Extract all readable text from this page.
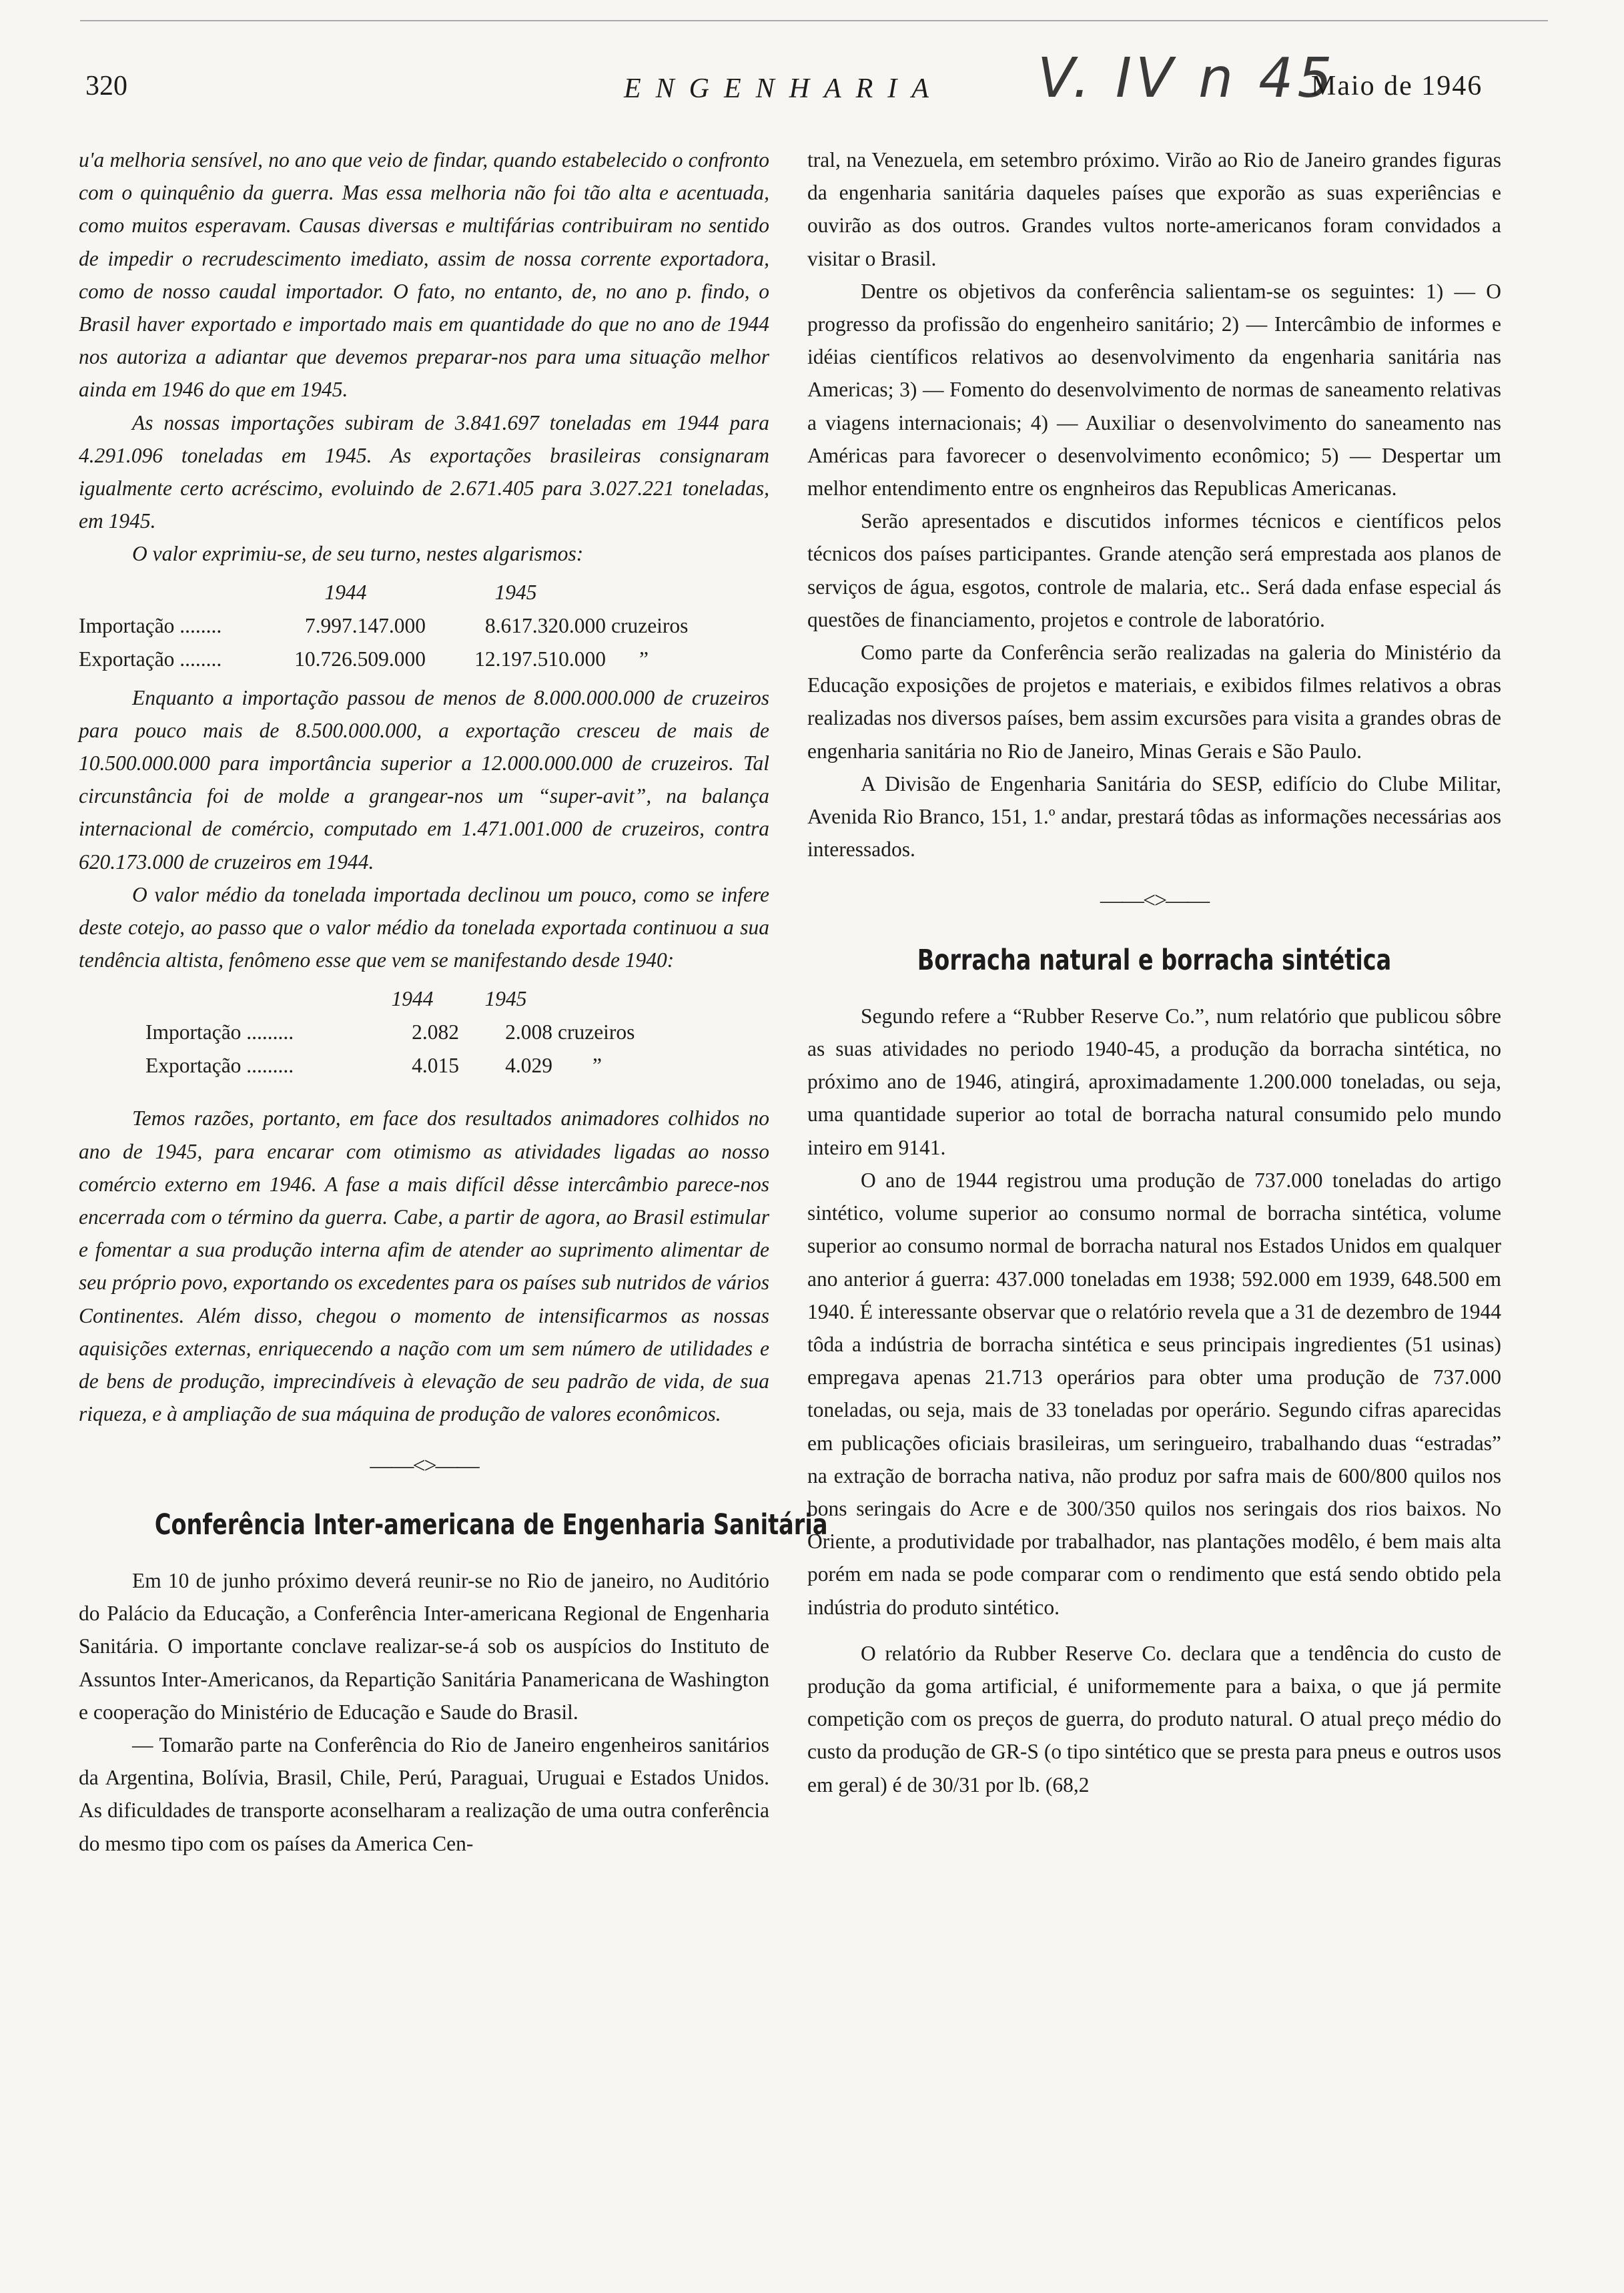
320	ENGENHARIA V. IV n 45
Maio de 1946

u'a melhoria sensível, no ano que veio de findar, quando estabelecido o confronto com o quinquênio da guerra. Mas essa melhoria não foi tão alta e acentuada, como muitos esperavam. Causas diversas e multifárias contribuiram no sentido de impedir o recrudescimento imediato, assim de nossa corrente exportadora, como de nosso caudal importador. O fato, no entanto, de, no ano p. findo, o Brasil haver exportado e importado mais em quantidade do que no ano de 1944 nos autoriza a adiantar que devemos preparar-nos para uma situação melhor ainda em 1946 do que em 1945.

As nossas importações subiram de 3.841.697 toneladas em 1944 para 4.291.096 toneladas em 1945. As exportações brasileiras consignaram igualmente certo acréscimo, evoluindo de 2.671.405 para 3.027.221 toneladas, em 1945.

O valor exprimiu-se, de seu turno, nestes algarismos:

	1944	1945	
Importação ........	7.997.147.000	8.617.320.000	cruzeiros
Exportação ........	10.726.509.000	12.197.510.000	”

Enquanto a importação passou de menos de 8.000.000.000 de cruzeiros para pouco mais de 8.500.000.000, a exportação cresceu de mais de 10.500.000.000 para importância superior a 12.000.000.000 de cruzeiros. Tal circunstância foi de molde a grangear-nos um “super-avit”, na balança internacional de comércio, computado em 1.471.001.000 de cruzeiros, contra 620.173.000 de cruzeiros em 1944.

O valor médio da tonelada importada declinou um pouco, como se infere deste cotejo, ao passo que o valor médio da tonelada exportada continuou a sua tendência altista, fenômeno esse que vem se manifestando desde 1940:

	1944	1945	
Importação .........	2.082	2.008	cruzeiros
Exportação .........	4.015	4.029	”

Temos razões, portanto, em face dos resultados animadores colhidos no ano de 1945, para encarar com otimismo as atividades ligadas ao nosso comércio externo em 1946. A fase a mais difícil dêsse intercâmbio parece-nos encerrada com o término da guerra. Cabe, a partir de agora, ao Brasil estimular e fomentar a sua produção interna afim de atender ao suprimento alimentar de seu próprio povo, exportando os excedentes para os países sub nutridos de vários Continentes. Além disso, chegou o momento de intensificarmos as nossas aquisições externas, enriquecendo a nação com um sem número de utilidades e de bens de produção, imprecindíveis à elevação de seu padrão de vida, de sua riqueza, e à ampliação de sua máquina de produção de valores econômicos.

——<>——
Conferência Inter-americana de Engenharia Sanitária

Em 10 de junho próximo deverá reunir-se no Rio de janeiro, no Auditório do Palácio da Educação, a Conferência Inter-americana Regional de Engenharia Sanitária. O importante conclave realizar-se-á sob os auspícios do Instituto de Assuntos Inter-Americanos, da Repartição Sanitária Panamericana de Washington e cooperação do Ministério de Educação e Saude do Brasil.

— Tomarão parte na Conferência do Rio de Janeiro engenheiros sanitários da Argentina, Bolívia, Brasil, Chile, Perú, Paraguai, Uruguai e Estados Unidos. As dificuldades de transporte aconselharam a realização de uma outra conferência do mesmo tipo com os países da America Cen-

tral, na Venezuela, em setembro próximo. Virão ao Rio de Janeiro grandes figuras da engenharia sanitária daqueles países que exporão as suas experiências e ouvirão as dos outros. Grandes vultos norte-americanos foram convidados a visitar o Brasil.

Dentre os objetivos da conferência salientam-se os seguintes: 1) — O progresso da profissão do engenheiro sanitário; 2) — Intercâmbio de informes e idéias científicos relativos ao desenvolvimento da engenharia sanitária nas Americas; 3) — Fomento do desenvolvimento de normas de saneamento relativas a viagens internacionais; 4) — Auxiliar o desenvolvimento do saneamento nas Américas para favorecer o desenvolvimento econômico; 5) — Despertar um melhor entendimento entre os engnheiros das Republicas Americanas.

Serão apresentados e discutidos informes técnicos e científicos pelos técnicos dos países participantes. Grande atenção será emprestada aos planos de serviços de água, esgotos, controle de malaria, etc.. Será dada enfase especial ás questões de financiamento, projetos e controle de laboratório.

Como parte da Conferência serão realizadas na galeria do Ministério da Educação exposições de projetos e materiais, e exibidos filmes relativos a obras realizadas nos diversos países, bem assim excursões para visita a grandes obras de engenharia sanitária no Rio de Janeiro, Minas Gerais e São Paulo.

A Divisão de Engenharia Sanitária do SESP, edifício do Clube Militar, Avenida Rio Branco, 151, 1.º andar, prestará tôdas as informações necessárias aos interessados.

——<>——
Borracha natural e borracha sintética

Segundo refere a “Rubber Reserve Co.”, num relatório que publicou sôbre as suas atividades no periodo 1940-45, a produção da borracha sintética, no próximo ano de 1946, atingirá, aproximadamente 1.200.000 toneladas, ou seja, uma quantidade superior ao total de borracha natural consumido pelo mundo inteiro em 9141.

O ano de 1944 registrou uma produção de 737.000 toneladas do artigo sintético, volume superior ao consumo normal de borracha sintética, volume superior ao consumo normal de borracha natural nos Estados Unidos em qualquer ano anterior á guerra: 437.000 toneladas em 1938; 592.000 em 1939, 648.500 em 1940. É interessante observar que o relatório revela que a 31 de dezembro de 1944 tôda a indústria de borracha sintética e seus principais ingredientes (51 usinas) empregava apenas 21.713 operários para obter uma produção de 737.000 toneladas, ou seja, mais de 33 toneladas por operário. Segundo cifras aparecidas em publicações oficiais brasileiras, um seringueiro, trabalhando duas “estradas” na extração de borracha nativa, não produz por safra mais de 600/800 quilos nos bons seringais do Acre e de 300/350 quilos nos seringais dos rios baixos. No Oriente, a produtividade por trabalhador, nas plantações modêlo, é bem mais alta porém em nada se pode comparar com o rendimento que está sendo obtido pela indústria do produto sintético.

O relatório da Rubber Reserve Co. declara que a tendência do custo de produção da goma artificial, é uniformemente para a baixa, o que já permite competição com os preços de guerra, do produto natural. O atual preço médio do custo da produção de GR-S (o tipo sintético que se presta para pneus e outros usos em geral) é de 30/31 por lb. (68,2
